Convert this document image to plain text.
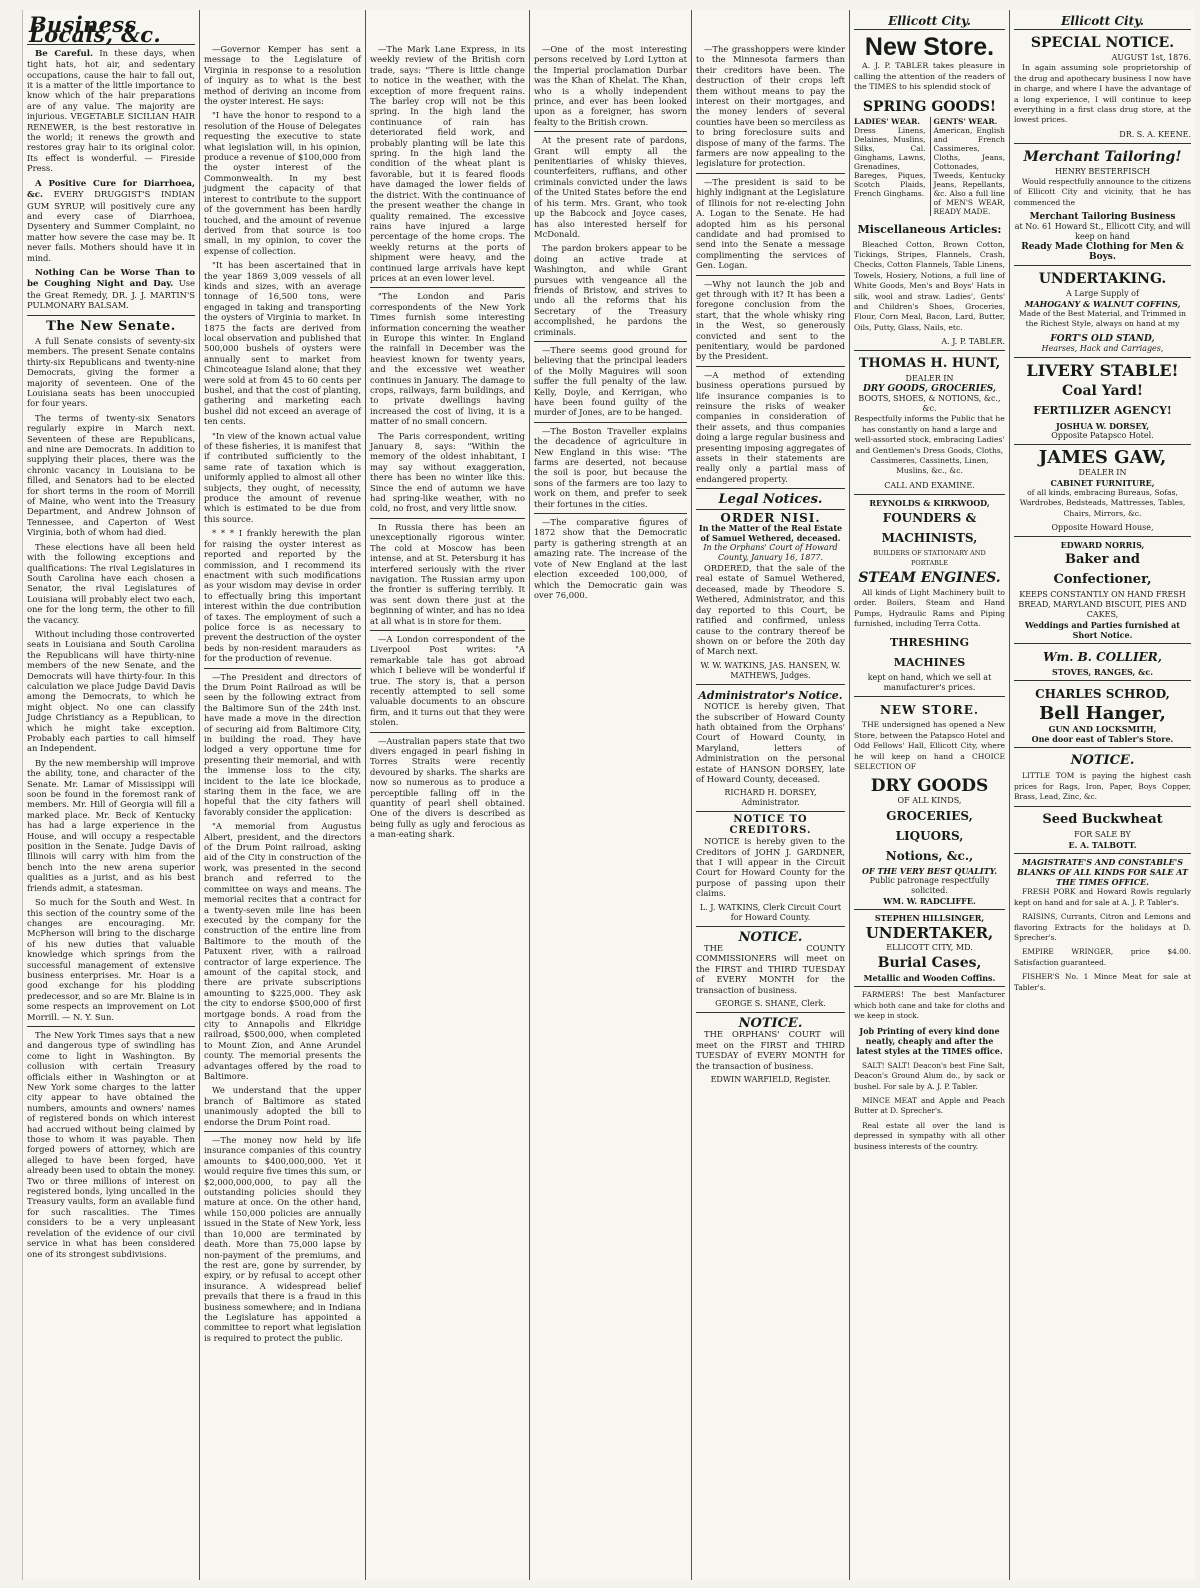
Business Locals, &c.
Be Careful. In these days, when tight hats, hot air, and sedentary occupations, cause the hair to fall out, it is a matter of the little importance to know which of the hair preparations are of any value. The majority are injurious. VEGETABLE SICILIAN HAIR RENEWER, is the best restorative in the world; it renews the growth and restores gray hair to its original color. Its effect is wonderful. — Fireside Press.
A Positive Cure for Diarrhoea, &c. EVERY DRUGGIST'S INDIAN GUM SYRUP, will positively cure any and every case of Diarrhoea, Dysentery and Summer Complaint, no matter how severe the case may be. It never fails. Mothers should have it in mind.
Nothing Can be Worse Than to be Coughing Night and Day. Use the Great Remedy, DR. J. J. MARTIN'S PULMONARY BALSAM.
The New Senate.
A full Senate consists of seventy-six members. The present Senate contains thirty-six Republicans and twenty-nine Democrats, giving the former a majority of seventeen. One of the Louisiana seats has been unoccupied for four years.
The terms of twenty-six Senators regularly expire in March next. Seventeen of these are Republicans, and nine are Democrats. In addition to supplying their places, there was the chronic vacancy in Louisiana to be filled, and Senators had to be elected for short terms in the room of Morrill of Maine, who went into the Treasury Department, and Andrew Johnson of Tennessee, and Caperton of West Virginia, both of whom had died.
These elections have all been held with the following exceptions and qualifications: The rival Legislatures in South Carolina have each chosen a Senator, the rival Legislatures of Louisiana will probably elect two each, one for the long term, the other to fill the vacancy.
Without including those controverted seats in Louisiana and South Carolina the Republicans will have thirty-nine members of the new Senate, and the Democrats will have thirty-four. In this calculation we place Judge David Davis among the Democrats, to which he might object. No one can classify Judge Christiancy as a Republican, to which he might take exception. Probably each parties to call himself an Independent.
By the new membership will improve the ability, tone, and character of the Senate. Mr. Lamar of Mississippi will soon be found in the foremost rank of members. Mr. Hill of Georgia will fill a marked place. Mr. Beck of Kentucky has had a large experience in the House, and will occupy a respectable position in the Senate. Judge Davis of Illinois will carry with him from the bench into the new arena superior qualities as a jurist, and as his best friends admit, a statesman.
So much for the South and West. In this section of the country some of the changes are encouraging. Mr. McPherson will bring to the discharge of his new duties that valuable knowledge which springs from the successful management of extensive business enterprises. Mr. Hoar is a good exchange for his plodding predecessor, and so are Mr. Blaine is in some respects an improvement on Lot Morrill. — N. Y. Sun.
The New York Times says that a new and dangerous type of swindling has come to light in Washington. By collusion with certain Treasury officials either in Washington or at New York some charges to the latter city appear to have obtained the numbers, amounts and owners' names of registered bonds on which interest had accrued without being claimed by those to whom it was payable. Then forged powers of attorney, which are alleged to have been forged, have already been used to obtain the money. Two or three millions of interest on registered bonds, lying uncalled in the Treasury vaults, form an available fund for such rascalities. The Times considers to be a very unpleasant revelation of the evidence of our civil service in what has been considered one of its strongest subdivisions.
—Governor Kemper has sent a message to the Legislature of Virginia in response to a resolution of inquiry as to what is the best method of deriving an income from the oyster interest. He says:
"I have the honor to respond to a resolution of the House of Delegates requesting the executive to state what legislation will, in his opinion, produce a revenue of $100,000 from the oyster interest of the Commonwealth. In my best judgment the capacity of that interest to contribute to the support of the government has been hardly touched, and the amount of revenue derived from that source is too small, in my opinion, to cover the expense of collection.
"It has been ascertained that in the year 1869 3,009 vessels of all kinds and sizes, with an average tonnage of 16,500 tons, were engaged in taking and transporting the oysters of Virginia to market. In 1875 the facts are derived from local observation and published that 500,000 bushels of oysters were annually sent to market from Chincoteague Island alone; that they were sold at from 45 to 60 cents per bushel, and that the cost of planting, gathering and marketing each bushel did not exceed an average of ten cents.
"In view of the known actual value of these fisheries, it is manifest that if contributed sufficiently to the same rate of taxation which is uniformly applied to almost all other subjects, they ought, of necessity, produce the amount of revenue which is estimated to be due from this source.
* * * I frankly herewith the plan for raising the oyster interest as reported and reported by the commission, and I recommend its enactment with such modifications as your wisdom may devise in order to effectually bring this important interest within the due contribution of taxes. The employment of such a police force is as necessary to prevent the destruction of the oyster beds by non-resident marauders as for the production of revenue.
—The President and directors of the Drum Point Railroad as will be seen by the following extract from the Baltimore Sun of the 24th inst. have made a move in the direction of securing aid from Baltimore City, in building the road. They have lodged a very opportune time for presenting their memorial, and with the immense loss to the city, incident to the late ice blockade, staring them in the face, we are hopeful that the city fathers will favorably consider the application:
"A memorial from Augustus Albert, president, and the directors of the Drum Point railroad, asking aid of the City in construction of the work, was presented in the second branch and referred to the committee on ways and means. The memorial recites that a contract for a twenty-seven mile line has been executed by the company for the construction of the entire line from Baltimore to the mouth of the Patuxent river, with a railroad contractor of large experience. The amount of the capital stock, and there are private subscriptions amounting to $225,000. They ask the city to endorse $500,000 of first mortgage bonds. A road from the city to Annapolis and Elkridge railroad, $500,000, when completed to Mount Zion, and Anne Arundel county. The memorial presents the advantages offered by the road to Baltimore.
We understand that the upper branch of Baltimore as stated unanimously adopted the bill to endorse the Drum Point road.
—The money now held by life insurance companies of this country amounts to $400,000,000. Yet it would require five times this sum, or $2,000,000,000, to pay all the outstanding policies should they mature at once. On the other hand, while 150,000 policies are annually issued in the State of New York, less than 10,000 are terminated by death. More than 75,000 lapse by non-payment of the premiums, and the rest are, gone by surrender, by expiry, or by refusal to accept other insurance. A widespread belief prevails that there is a fraud in this business somewhere; and in Indiana the Legislature has appointed a committee to report what legislation is required to protect the public.
—The Mark Lane Express, in its weekly review of the British corn trade, says: "There is little change to notice in the weather, with the exception of more frequent rains. The barley crop will not be this spring. In the high land the continuance of rain has deteriorated field work, and probably planting will be late this spring. In the high land the condition of the wheat plant is favorable, but it is feared floods have damaged the lower fields of the district. With the continuance of the present weather the change in quality remained. The excessive rains have injured a large percentage of the home crops. The weekly returns at the ports of shipment were heavy, and the continued large arrivals have kept prices at an even lower level.
"The London and Paris correspondents of the New York Times furnish some interesting information concerning the weather in Europe this winter. In England the rainfall in December was the heaviest known for twenty years, and the excessive wet weather continues in January. The damage to crops, railways, farm buildings, and to private dwellings having increased the cost of living, it is a matter of no small concern.
The Paris correspondent, writing January 8, says: "Within the memory of the oldest inhabitant, I may say without exaggeration, there has been no winter like this. Since the end of autumn we have had spring-like weather, with no cold, no frost, and very little snow.
In Russia there has been an unexceptionally rigorous winter. The cold at Moscow has been intense, and at St. Petersburg it has interfered seriously with the river navigation. The Russian army upon the frontier is suffering terribly. It was sent down there just at the beginning of winter, and has no idea at all what is in store for them.
—A London correspondent of the Liverpool Post writes: "A remarkable tale has got abroad which I believe will be wonderful if true. The story is, that a person recently attempted to sell some valuable documents to an obscure firm, and it turns out that they were stolen.
—Australian papers state that two divers engaged in pearl fishing in Torres Straits were recently devoured by sharks. The sharks are now so numerous as to produce a perceptible falling off in the quantity of pearl shell obtained. One of the divers is described as being fully as ugly and ferocious as a man-eating shark.
—One of the most interesting persons received by Lord Lytton at the Imperial proclamation Durbar was the Khan of Khelat. The Khan, who is a wholly independent prince, and ever has been looked upon as a foreigner, has sworn fealty to the British crown.
At the present rate of pardons, Grant will empty all the penitentiaries of whisky thieves, counterfeiters, ruffians, and other criminals convicted under the laws of the United States before the end of his term. Mrs. Grant, who took up the Babcock and Joyce cases, has also interested herself for McDonald.
The pardon brokers appear to be doing an active trade at Washington, and while Grant pursues with vengeance all the friends of Bristow, and strives to undo all the reforms that his Secretary of the Treasury accomplished, he pardons the criminals.
—There seems good ground for believing that the principal leaders of the Molly Maguires will soon suffer the full penalty of the law. Kelly, Doyle, and Kerrigan, who have been found guilty of the murder of Jones, are to be hanged.
—The Boston Traveller explains the decadence of agriculture in New England in this wise: "The farms are deserted, not because the soil is poor, but because the sons of the farmers are too lazy to work on them, and prefer to seek their fortunes in the cities.
—The comparative figures of 1872 show that the Democratic party is gathering strength at an amazing rate. The increase of the vote of New England at the last election exceeded 100,000, of which the Democratic gain was over 76,000.
—The grasshoppers were kinder to the Minnesota farmers than their creditors have been. The destruction of their crops left them without means to pay the interest on their mortgages, and the money lenders of several counties have been so merciless as to bring foreclosure suits and dispose of many of the farms. The farmers are now appealing to the legislature for protection.
—The president is said to be highly indignant at the Legislature of Illinois for not re-electing John A. Logan to the Senate. He had adopted him as his personal candidate and had promised to send into the Senate a message complimenting the services of Gen. Logan.
—Why not launch the job and get through with it? It has been a foregone conclusion from the start, that the whole whisky ring in the West, so generously convicted and sent to the penitentiary, would be pardoned by the President.
—A method of extending business operations pursued by life insurance companies is to reinsure the risks of weaker companies in consideration of their assets, and thus companies doing a large regular business and presenting imposing aggregates of assets in their statements are really only a partial mass of endangered property.
Legal Notices.
ORDER NISI.
In the Matter of the Real Estate of Samuel Wethered, deceased.
In the Orphans' Court of Howard County, January 16, 1877.
ORDERED, that the sale of the real estate of Samuel Wethered, deceased, made by Theodore S. Wethered, Administrator, and this day reported to this Court, be ratified and confirmed, unless cause to the contrary thereof be shown on or before the 20th day of March next.
W. W. WATKINS, JAS. HANSEN, W. MATHEWS, Judges.
Administrator's Notice.
NOTICE is hereby given, That the subscriber of Howard County hath obtained from the Orphans' Court of Howard County, in Maryland, letters of Administration on the personal estate of HANSON DORSEY, late of Howard County, deceased.
RICHARD H. DORSEY, Administrator.
NOTICE TO CREDITORS.
NOTICE is hereby given to the Creditors of JOHN J. GARDNER, that I will appear in the Circuit Court for Howard County for the purpose of passing upon their claims.
L. J. WATKINS, Clerk Circuit Court for Howard County.
NOTICE.
THE COUNTY COMMISSIONERS will meet on the FIRST and THIRD TUESDAY of EVERY MONTH for the transaction of business.
GEORGE S. SHANE, Clerk.
NOTICE.
THE ORPHANS' COURT will meet on the FIRST and THIRD TUESDAY of EVERY MONTH for the transaction of business.
EDWIN WARFIELD, Register.
Ellicott City.
New Store.
A. J. P. TABLER takes pleasure in calling the attention of the readers of the TIMES to his splendid stock of
SPRING GOODS!
LADIES' WEAR.
Dress Linens, Delaines, Muslins, Silks, Cal. Ginghams, Lawns, Grenadines, Bareges, Piques, Scotch Plaids, French Ginghams.
GENTS' WEAR.
American, English and French Cassimeres, Cloths, Jeans, Cottonades, Tweeds, Kentucky Jeans, Repellants, &c. Also a full line of MEN'S WEAR, READY MADE.
Miscellaneous Articles:
Bleached Cotton, Brown Cotton, Tickings, Stripes, Flannels, Crash, Checks, Cotton Flannels, Table Linens, Towels, Hosiery, Notions, a full line of White Goods, Men's and Boys' Hats in silk, wool and straw. Ladies', Gents' and Children's Shoes, Groceries, Flour, Corn Meal, Bacon, Lard, Butter, Oils, Putty, Glass, Nails, etc.
A. J. P. TABLER.
THOMAS H. HUNT,
DEALER IN
DRY GOODS, GROCERIES,
BOOTS, SHOES, & NOTIONS, &c., &c.
Respectfully informs the Public that he has constantly on hand a large and well-assorted stock, embracing Ladies' and Gentlemen's Dress Goods, Cloths, Cassimeres, Cassinetts, Linen, Muslins, &c., &c.
CALL AND EXAMINE.
REYNOLDS & KIRKWOOD,
FOUNDERS & MACHINISTS,
BUILDERS OF STATIONARY AND PORTABLE
STEAM ENGINES.
All kinds of Light Machinery built to order. Boilers, Steam and Hand Pumps, Hydraulic Rams and Piping furnished, including Terra Cotta.
THRESHING MACHINES
kept on hand, which we sell at manufacturer's prices.
NEW STORE.
THE undersigned has opened a New Store, between the Patapsco Hotel and Odd Fellows' Hall, Ellicott City, where he will keep on hand a CHOICE SELECTION OF
DRY GOODS
OF ALL KINDS,
GROCERIES, LIQUORS,
Notions, &c.,
OF THE VERY BEST QUALITY.
Public patronage respectfully solicited.
WM. W. RADCLIFFE.
STEPHEN HILLSINGER,
UNDERTAKER,
ELLICOTT CITY, MD.
Burial Cases,
Metallic and Wooden Coffins.
FARMERS! The best Manfacturer which both cane and take for cloths and we keep in stock.
Job Printing of every kind done neatly, cheaply and after the latest styles at the TIMES office.
SALT! SALT! Deacon's best Fine Salt, Deacon's Ground Alum do., by sack or bushel. For sale by A. J. P. Tabler.
MINCE MEAT and Apple and Peach Butter at D. Sprecher's.
Real estate all over the land is depressed in sympathy with all other business interests of the country.
Ellicott City.
SPECIAL NOTICE.
AUGUST 1st, 1876.
In again assuming sole proprietorship of the drug and apothecary business I now have in charge, and where I have the advantage of a long experience, I will continue to keep everything in a first class drug store, at the lowest prices.
DR. S. A. KEENE.
Merchant Tailoring!
HENRY BESTERFISCH
Would respectfully announce to the citizens of Ellicott City and vicinity, that he has commenced the
Merchant Tailoring Business
at No. 61 Howard St., Ellicott City, and will keep on hand
Ready Made Clothing for Men & Boys.
UNDERTAKING.
A Large Supply of
MAHOGANY & WALNUT COFFINS,
Made of the Best Material, and Trimmed in the Richest Style, always on hand at my
FORT'S OLD STAND,
Hearses, Hack and Carriages,
LIVERY STABLE!
Coal Yard!
FERTILIZER AGENCY!
JOSHUA W. DORSEY,
Opposite Patapsco Hotel.
JAMES GAW,
DEALER IN
CABINET FURNITURE,
of all kinds, embracing Bureaus, Sofas, Wardrobes, Bedsteads, Mattresses, Tables, Chairs, Mirrors, &c.
Opposite Howard House,
EDWARD NORRIS,
Baker and Confectioner,
KEEPS CONSTANTLY ON HAND FRESH BREAD, MARYLAND BISCUIT, PIES AND CAKES,
Weddings and Parties furnished at Short Notice.
Wm. B. COLLIER,
STOVES, RANGES, &c.
CHARLES SCHROD,
Bell Hanger,
GUN AND LOCKSMITH,
One door east of Tabler's Store.
NOTICE.
LITTLE TOM is paying the highest cash prices for Rags, Iron, Paper, Boys Copper, Brass, Lead, Zinc, &c.
Seed Buckwheat
FOR SALE BY
E. A. TALBOTT.
MAGISTRATE'S AND CONSTABLE'S BLANKS OF ALL KINDS FOR SALE AT THE TIMES OFFICE.
FRESH PORK and Howard Rowls regularly kept on hand and for sale at A. J. P. Tabler's.
RAISINS, Currants, Citron and Lemons and flavoring Extracts for the holidays at D. Sprecher's.
EMPIRE WRINGER, price $4.00. Satisfaction guaranteed.
FISHER'S No. 1 Mince Meat for sale at Tabler's.
